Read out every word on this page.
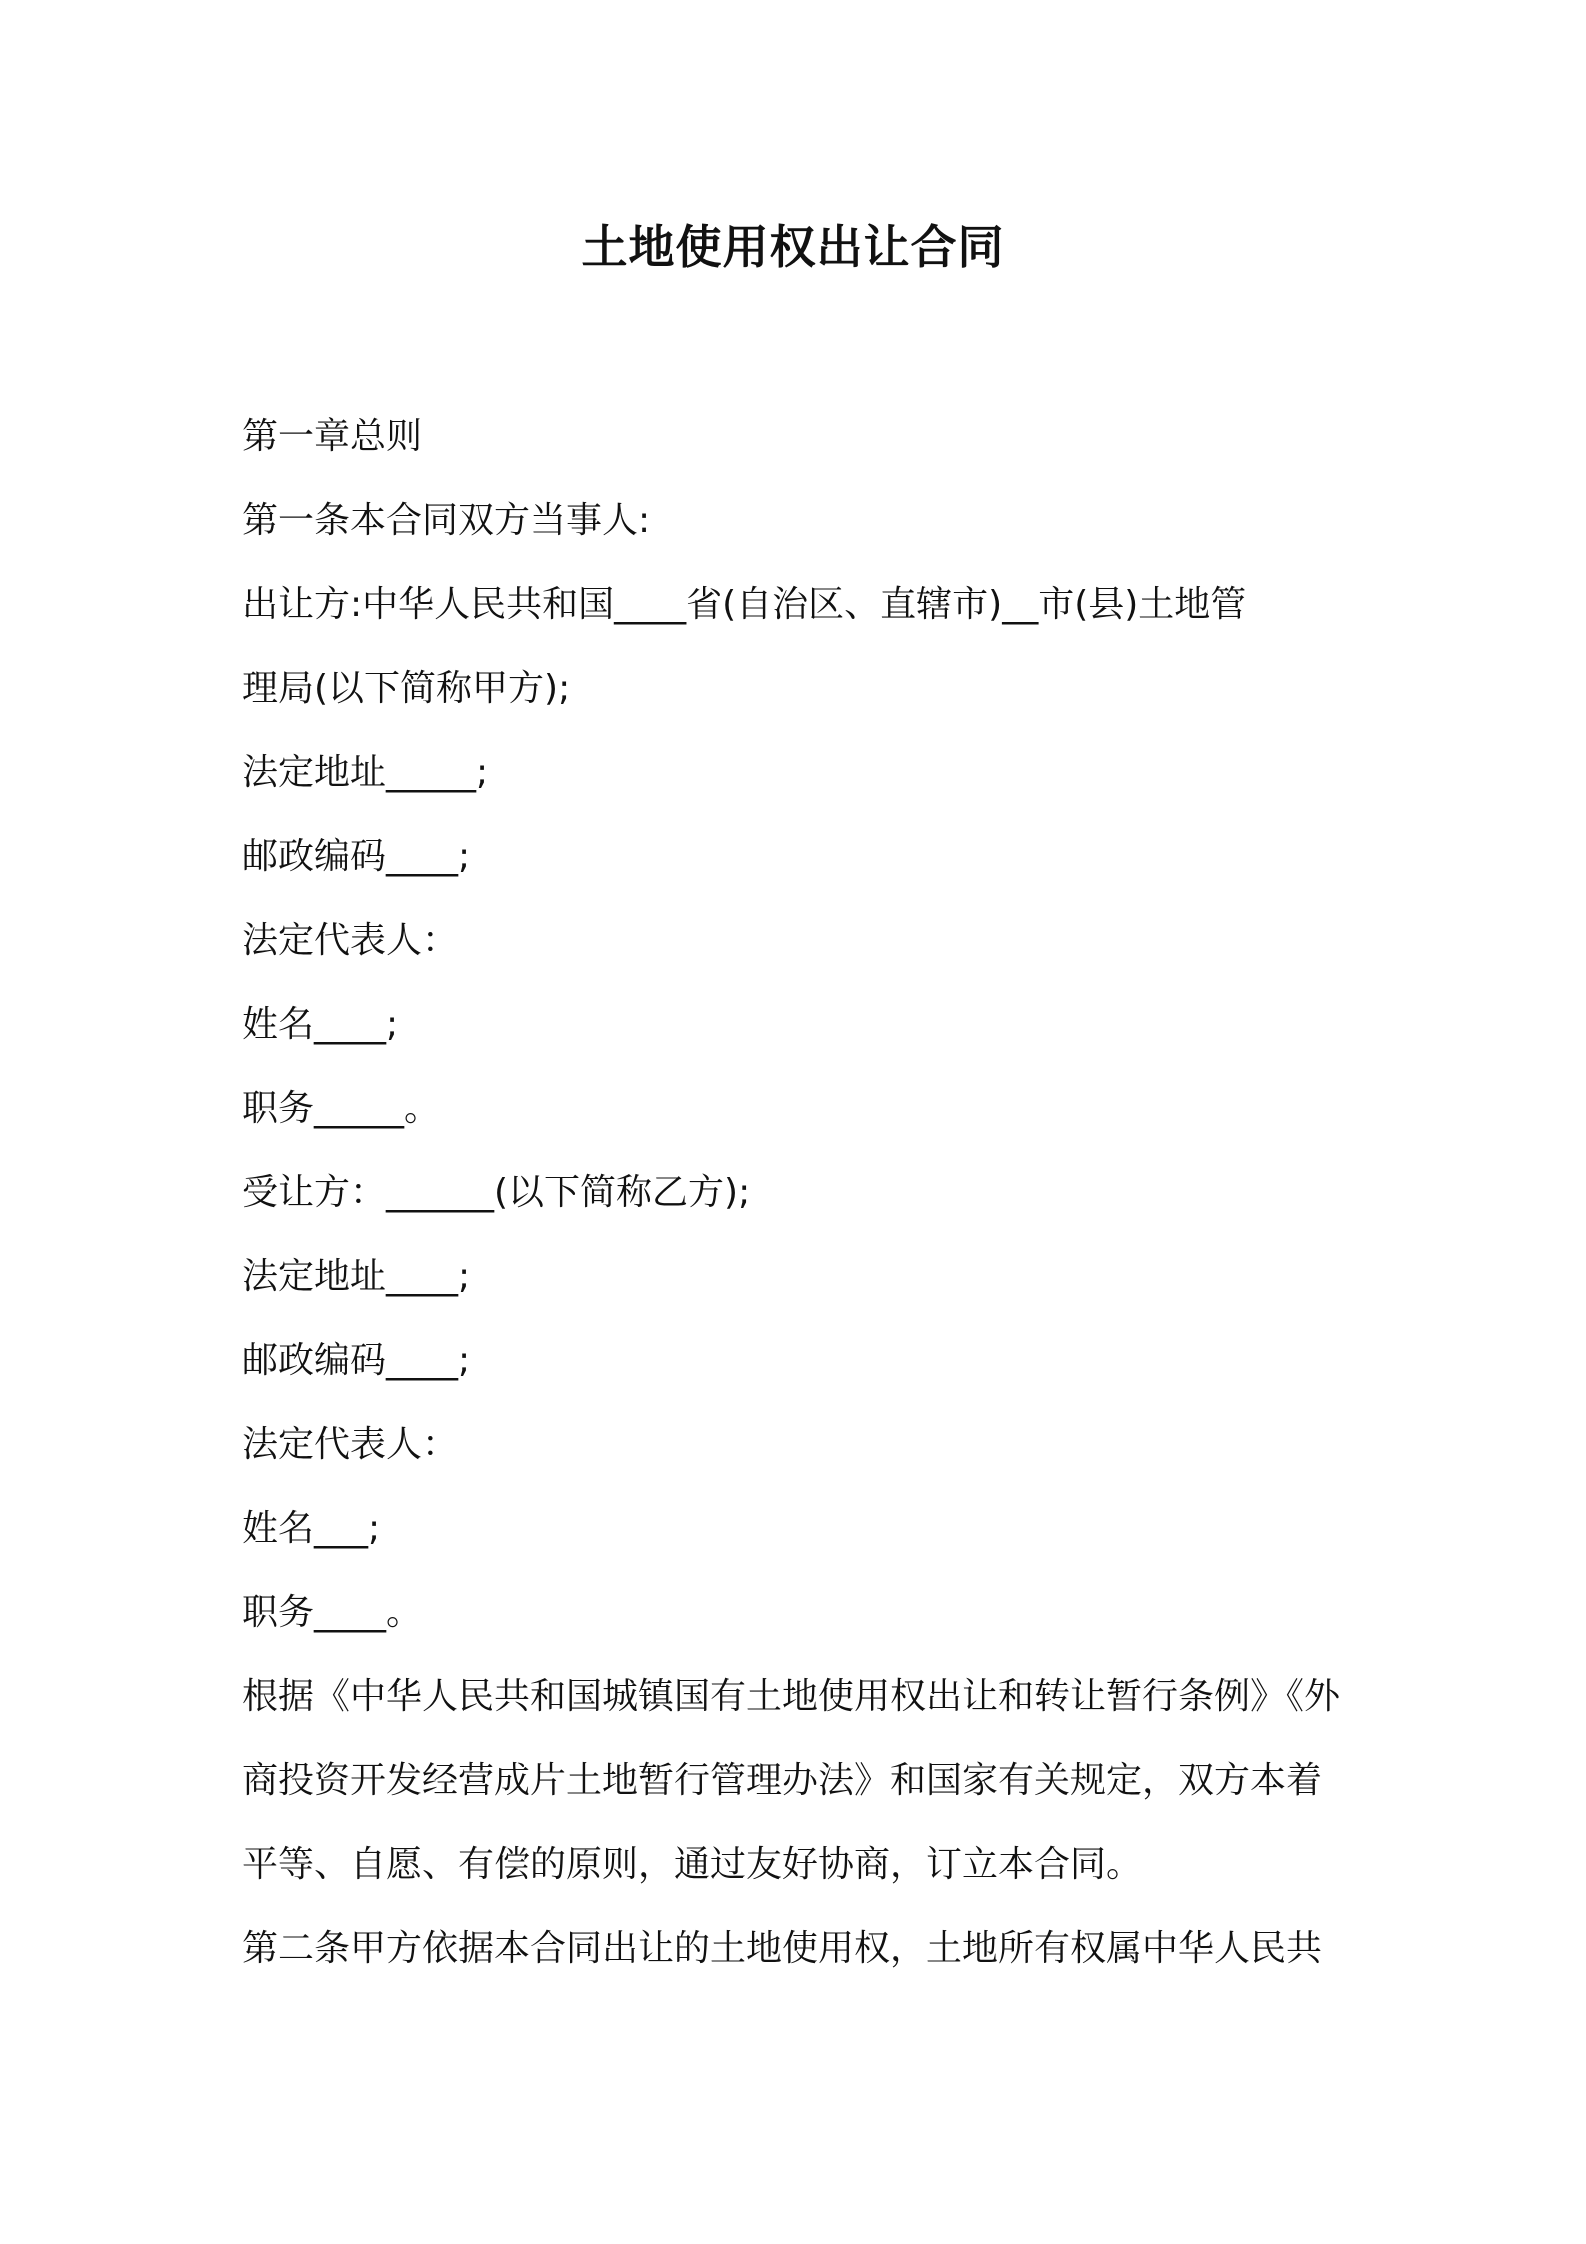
土地使用权出让合同

第一章总则

第一条本合同双方当事人:

出让方:中华人民共和国____省(自治区、直辖市)__市(县)土地管

理局(以下简称甲方);

法定地址_____;

邮政编码____;

法定代表人：

姓名____;

职务_____。

受让方：______(以下简称乙方);

法定地址____;

邮政编码____;

法定代表人：

姓名___;

职务____。

根据《中华人民共和国城镇国有土地使用权出让和转让暂行条例》《外

商投资开发经营成片土地暂行管理办法》和国家有关规定，双方本着

平等、自愿、有偿的原则，通过友好协商，订立本合同。

第二条甲方依据本合同出让的土地使用权，土地所有权属中华人民共
